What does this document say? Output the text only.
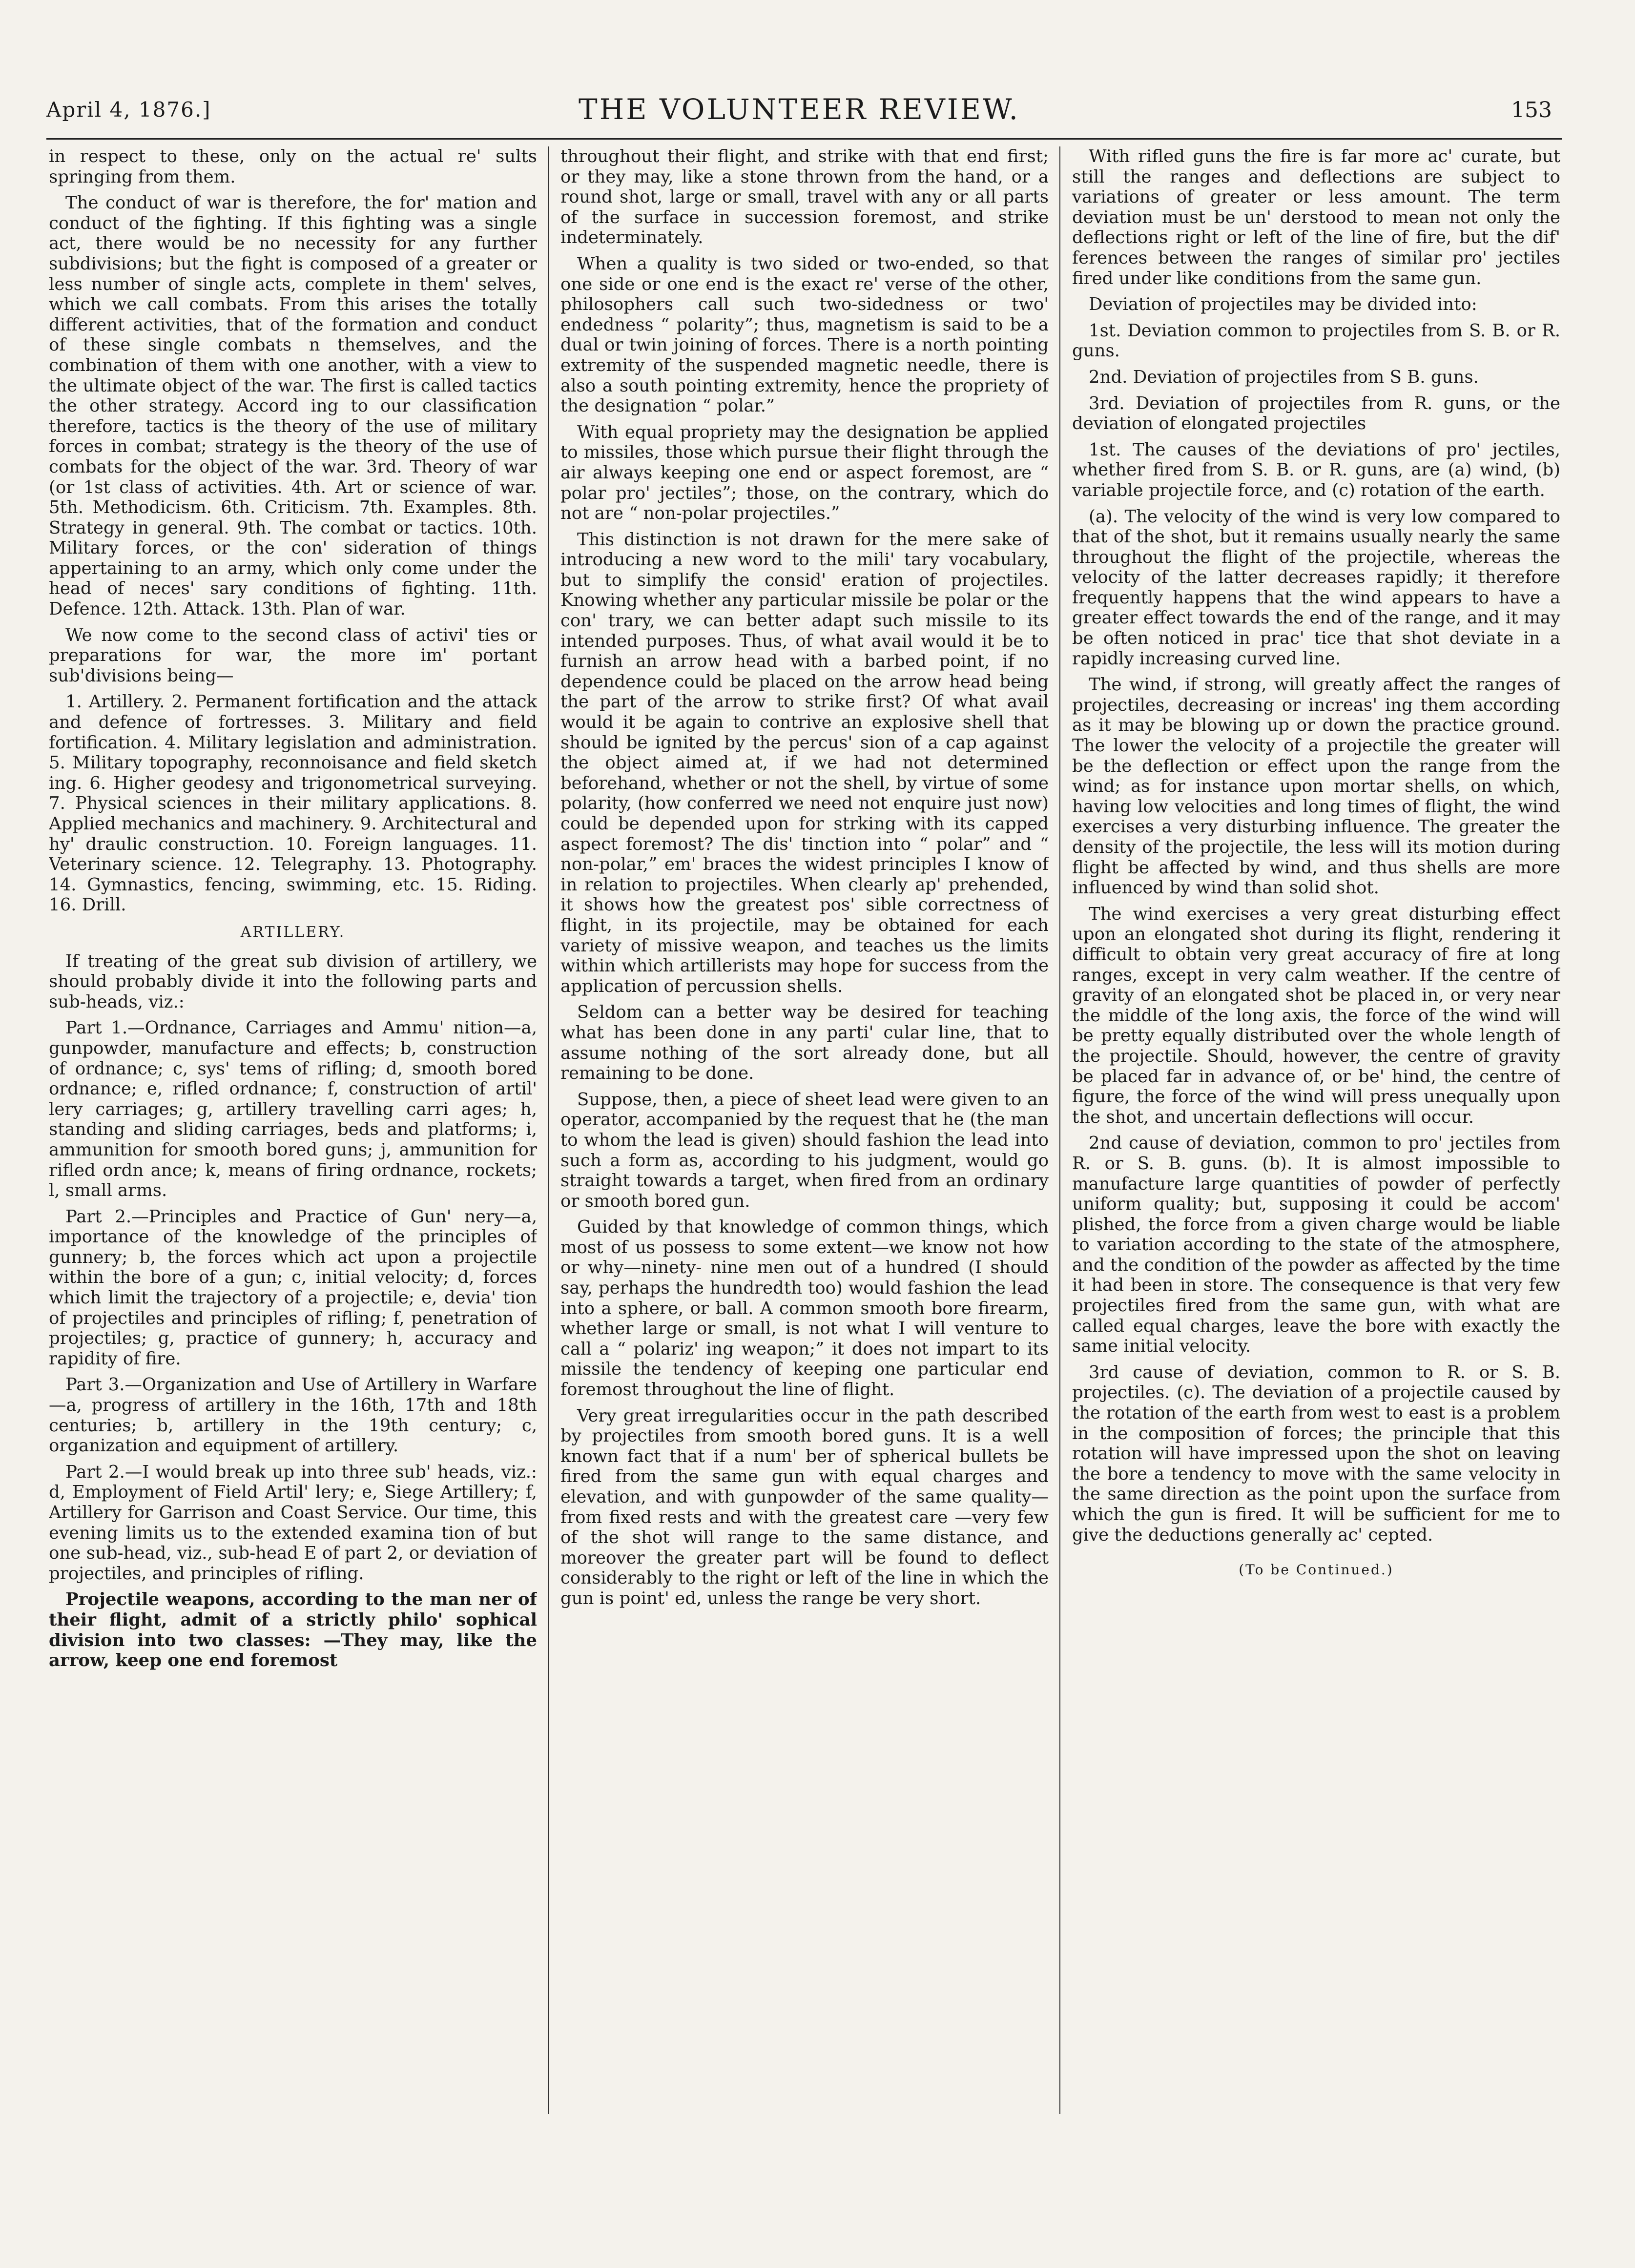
April 4, 1876.]	THE VOLUNTEER REVIEW.	153

in respect to these, only on the actual re' sults springing from them.

The conduct of war is therefore, the for' mation and conduct of the fighting. If this fighting was a single act, there would be no necessity for any further subdivisions; but the fight is composed of a greater or less number of single acts, complete in them' selves, which we call combats. From this arises the totally different activities, that of the formation and conduct of these single combats n themselves, and the combination of them with one another, with a view to the ultimate object of the war. The first is called tactics the other strategy. Accord ing to our classification therefore, tactics is the theory of the use of military forces in combat; strategy is the theory of the use of combats for the object of the war. 3rd. Theory of war (or 1st class of activities. 4th. Art or science of war. 5th. Methodicism. 6th. Criticism. 7th. Examples. 8th. Strategy in general. 9th. The combat or tactics. 10th. Military forces, or the con' sideration of things appertaining to an army, which only come under the head of neces' sary conditions of fighting. 11th. Defence. 12th. Attack. 13th. Plan of war.

We now come to the second class of activi' ties or preparations for war, the more im' portant sub'divisions being—

1. Artillery. 2. Permanent fortification and the attack and defence of fortresses. 3. Military and field fortification. 4. Military legislation and administration. 5. Military topography, reconnoisance and field sketch ing. 6. Higher geodesy and trigonometrical surveying. 7. Physical sciences in their military applications. 8. Applied mechanics and machinery. 9. Architectural and hy' draulic construction. 10. Foreign languages. 11. Veterinary science. 12. Telegraphy. 13. Photography. 14. Gymnastics, fencing, swimming, etc. 15. Riding. 16. Drill.

ARTILLERY.

If treating of the great sub division of artillery, we should probably divide it into the following parts and sub-heads, viz.:

Part 1.—Ordnance, Carriages and Ammu' nition—a, gunpowder, manufacture and effects; b, construction of ordnance; c, sys' tems of rifling; d, smooth bored ordnance; e, rifled ordnance; f, construction of artil' lery carriages; g, artillery travelling carri ages; h, standing and sliding carriages, beds and platforms; i, ammunition for smooth bored guns; j, ammunition for rifled ordn ance; k, means of firing ordnance, rockets; l, small arms.

Part 2.—Principles and Practice of Gun' nery—a, importance of the knowledge of the principles of gunnery; b, the forces which act upon a projectile within the bore of a gun; c, initial velocity; d, forces which limit the trajectory of a projectile; e, devia' tion of projectiles and principles of rifling; f, penetration of projectiles; g, practice of gunnery; h, accuracy and rapidity of fire.

Part 3.—Organization and Use of Artillery in Warfare—a, progress of artillery in the 16th, 17th and 18th centuries; b, artillery in the 19th century; c, organization and equipment of artillery.

Part 2.—I would break up into three sub' heads, viz.: d, Employment of Field Artil' lery; e, Siege Artillery; f, Artillery for Garrison and Coast Service. Our time, this evening limits us to the extended examina tion of but one sub-head, viz., sub-head E of part 2, or deviation of projectiles, and principles of rifling.

Projectile weapons, according to the man ner of their flight, admit of a strictly philo' sophical division into two classes: —They may, like the arrow, keep one end foremost

throughout their flight, and strike with that end first; or they may, like a stone thrown from the hand, or a round shot, large or small, travel with any or all parts of the surface in succession foremost, and strike indeterminately.

When a quality is two sided or two-ended, so that one side or one end is the exact re' verse of the other, philosophers call such two-sidedness or two' endedness “ polarity”; thus, magnetism is said to be a dual or twin joining of forces. There is a north pointing extremity of the suspended magnetic needle, there is also a south pointing extremity, hence the propriety of the designation “ polar.”

With equal propriety may the designation be applied to missiles, those which pursue their flight through the air always keeping one end or aspect foremost, are “ polar pro' jectiles”; those, on the contrary, which do not are “ non-polar projectiles.”

This distinction is not drawn for the mere sake of introducing a new word to the mili' tary vocabulary, but to simplify the consid' eration of projectiles. Knowing whether any particular missile be polar or the con' trary, we can better adapt such missile to its intended purposes. Thus, of what avail would it be to furnish an arrow head with a barbed point, if no dependence could be placed on the arrow head being the part of the arrow to strike first? Of what avail would it be again to contrive an explosive shell that should be ignited by the percus' sion of a cap against the object aimed at, if we had not determined beforehand, whether or not the shell, by virtue of some polarity, (how conferred we need not enquire just now) could be depended upon for strking with its capped aspect foremost? The dis' tinction into “ polar” and “ non-polar,” em' braces the widest principles I know of in relation to projectiles. When clearly ap' prehended, it shows how the greatest pos' sible correctness of flight, in its projectile, may be obtained for each variety of missive weapon, and teaches us the limits within which artillerists may hope for success from the application of percussion shells.

Seldom can a better way be desired for teaching what has been done in any parti' cular line, that to assume nothing of the sort already done, but all remaining to be done.

Suppose, then, a piece of sheet lead were given to an operator, accompanied by the request that he (the man to whom the lead is given) should fashion the lead into such a form as, according to his judgment, would go straight towards a target, when fired from an ordinary or smooth bored gun.

Guided by that knowledge of common things, which most of us possess to some extent—we know not how or why—ninety- nine men out of a hundred (I should say, perhaps the hundredth too) would fashion the lead into a sphere, or ball. A common smooth bore firearm, whether large or small, is not what I will venture to call a “ polariz' ing weapon;” it does not impart to its missile the tendency of keeping one particular end foremost throughout the line of flight.

Very great irregularities occur in the path described by projectiles from smooth bored guns. It is a well known fact that if a num' ber of spherical bullets be fired from the same gun with equal charges and elevation, and with gunpowder of the same quality— from fixed rests and with the greatest care —very few of the shot will range to the same distance, and moreover the greater part will be found to deflect considerably to the right or left of the line in which the gun is point' ed, unless the range be very short.

With rifled guns the fire is far more ac' curate, but still the ranges and deflections are subject to variations of greater or less amount. The term deviation must be un' derstood to mean not only the deflections right or left of the line of fire, but the dif' ferences between the ranges of similar pro' jectiles fired under like conditions from the same gun.

Deviation of projectiles may be divided into:

1st. Deviation common to projectiles from S. B. or R. guns.

2nd. Deviation of projectiles from S B. guns.

3rd. Deviation of projectiles from R. guns, or the deviation of elongated projectiles

1st. The causes of the deviations of pro' jectiles, whether fired from S. B. or R. guns, are (a) wind, (b) variable projectile force, and (c) rotation of the earth.

(a). The velocity of the wind is very low compared to that of the shot, but it remains usually nearly the same throughout the flight of the projectile, whereas the velocity of the latter decreases rapidly; it therefore frequently happens that the wind appears to have a greater effect towards the end of the range, and it may be often noticed in prac' tice that shot deviate in a rapidly increasing curved line.

The wind, if strong, will greatly affect the ranges of projectiles, decreasing or increas' ing them according as it may be blowing up or down the practice ground. The lower the velocity of a projectile the greater will be the deflection or effect upon the range from the wind; as for instance upon mortar shells, on which, having low velocities and long times of flight, the wind exercises a very disturbing influence. The greater the density of the projectile, the less will its motion during flight be affected by wind, and thus shells are more influenced by wind than solid shot.

The wind exercises a very great disturbing effect upon an elongated shot during its flight, rendering it difficult to obtain very great accuracy of fire at long ranges, except in very calm weather. If the centre of gravity of an elongated shot be placed in, or very near the middle of the long axis, the force of the wind will be pretty equally distributed over the whole length of the projectile. Should, however, the centre of gravity be placed far in advance of, or be' hind, the centre of figure, the force of the wind will press unequally upon the shot, and uncertain deflections will occur.

2nd cause of deviation, common to pro' jectiles from R. or S. B. guns. (b). It is almost impossible to manufacture large quantities of powder of perfectly uniform quality; but, supposing it could be accom' plished, the force from a given charge would be liable to variation according to the state of the atmosphere, and the condition of the powder as affected by the time it had been in store. The consequence is that very few projectiles fired from the same gun, with what are called equal charges, leave the bore with exactly the same initial velocity.

3rd cause of deviation, common to R. or S. B. projectiles. (c). The deviation of a projectile caused by the rotation of the earth from west to east is a problem in the composition of forces; the principle that this rotation will have impressed upon the shot on leaving the bore a tendency to move with the same velocity in the same direction as the point upon the surface from which the gun is fired. It will be sufficient for me to give the deductions generally ac' cepted.

(To be Continued.)
